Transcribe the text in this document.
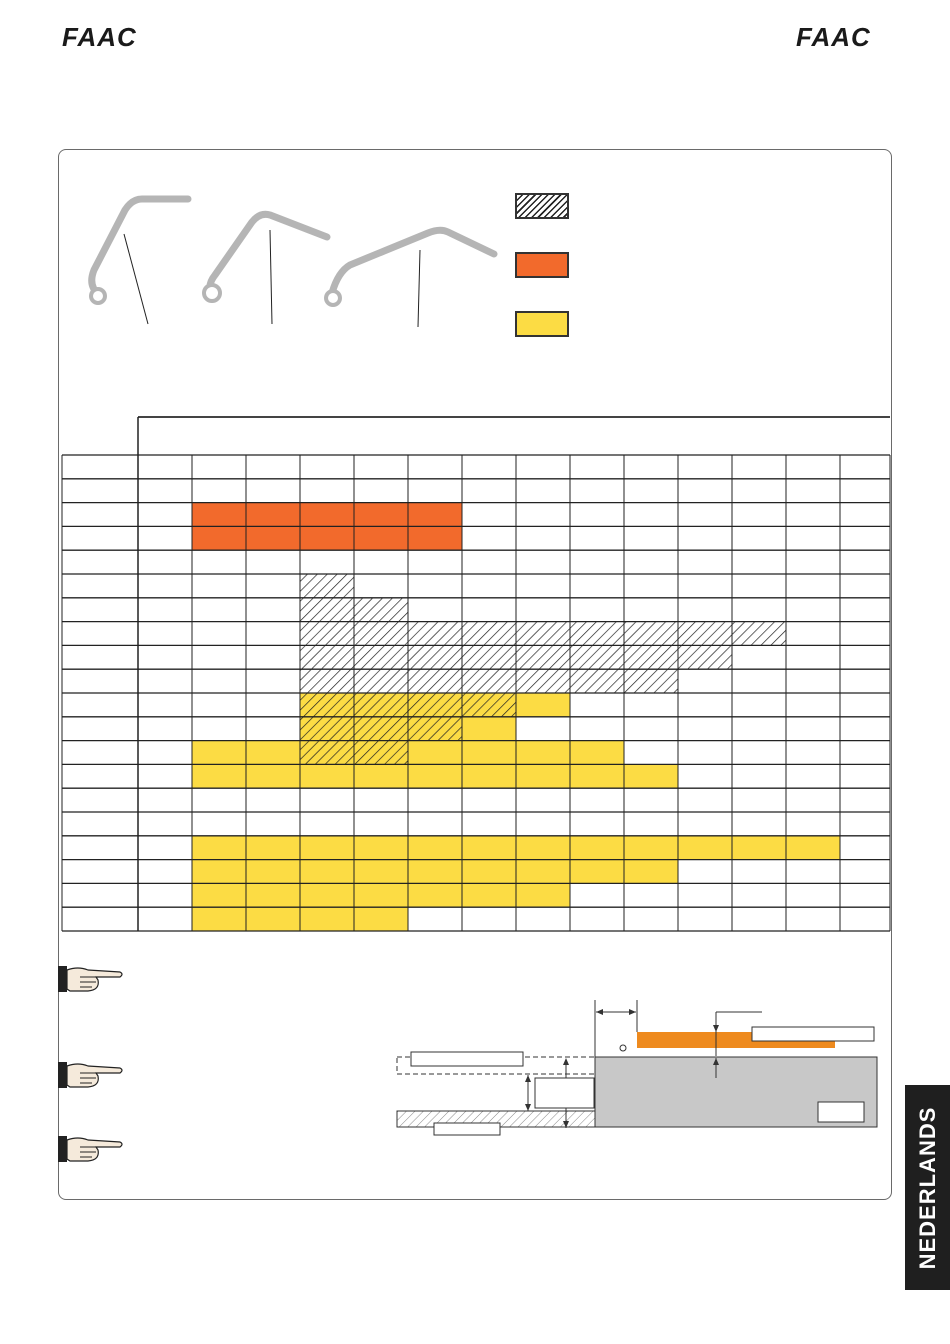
FAAC	FAAC
NEDERLANDS
